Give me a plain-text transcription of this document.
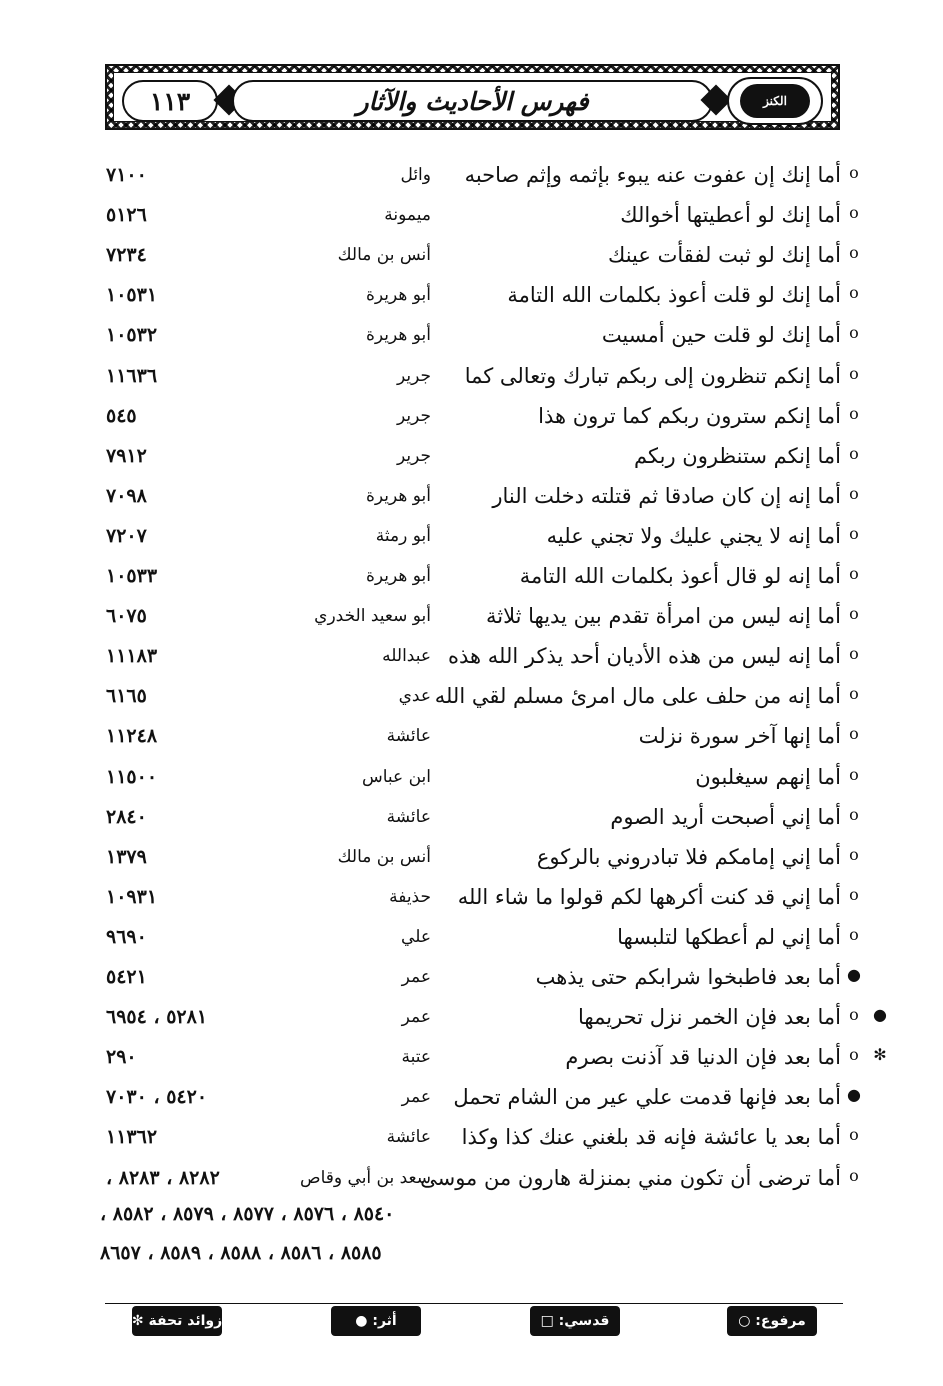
١١٣	فهرس الأحاديث والآثار	الكنز
o
أما إنك إن عفوت عنه يبوء بإثمه وإثم صاحبه
وائل
٧١٠٠
o
أما إنك لو أعطيتها أخوالك
ميمونة
٥١٢٦
o
أما إنك لو ثبت لفقأت عينك
أنس بن مالك
٧٢٣٤
o
أما إنك لو قلت أعوذ بكلمات الله التامة
أبو هريرة
١٠٥٣١
o
أما إنك لو قلت حين أمسيت
أبو هريرة
١٠٥٣٢
o
أما إنكم تنظرون إلى ربكم تبارك وتعالى كما
جرير
١١٦٣٦
o
أما إنكم سترون ربكم كما ترون هذا
جرير
٥٤٥
o
أما إنكم ستنظرون ربكم
جرير
٧٩١٢
o
أما إنه إن كان صادقا ثم قتلته دخلت النار
أبو هريرة
٧٠٩٨
o
أما إنه لا يجني عليك ولا تجني عليه
أبو رمثة
٧٢٠٧
o
أما إنه لو قال أعوذ بكلمات الله التامة
أبو هريرة
١٠٥٣٣
o
أما إنه ليس من امرأة تقدم بين يديها ثلاثة
أبو سعيد الخدري
٦٠٧٥
o
أما إنه ليس من هذه الأديان أحد يذكر الله هذه
عبدالله
١١١٨٣
o
أما إنه من حلف على مال امرئ مسلم لقي الله
عدي
٦١٦٥
o
أما إنها آخر سورة نزلت
عائشة
١١٢٤٨
o
أما إنهم سيغلبون
ابن عباس
١١٥٠٠
o
أما إني أصبحت أريد الصوم
عائشة
٢٨٤٠
o
أما إني إمامكم فلا تبادروني بالركوع
أنس بن مالك
١٣٧٩
o
أما إني قد كنت أكرهها لكم قولوا ما شاء الله
حذيفة
١٠٩٣١
o
أما إني لم أعطكها لتلبسها
علي
٩٦٩٠
●
أما بعد فاطبخوا شرابكم حتى يذهب
عمر
٥٤٢١
o ●
أما بعد فإن الخمر نزل تحريمها
عمر
٥٢٨١ ، ٦٩٥٤
o ✻
أما بعد فإن الدنيا قد آذنت بصرم
عتبة
٢٩٠
●
أما بعد فإنها قدمت علي عير من الشام تحمل
عمر
٥٤٢٠ ، ٧٠٣٠
o
أما بعد يا عائشة فإنه قد بلغني عنك كذا وكذا
عائشة
١١٣٦٢
o
أما ترضى أن تكون مني بمنزلة هارون من موسى
سعد بن أبي وقاص
٨٢٨٢ ، ٨٢٨٣ ،
٨٥٤٠ ، ٨٥٧٦ ، ٨٥٧٧ ، ٨٥٧٩ ، ٨٥٨٢ ،
٨٥٨٥ ، ٨٥٨٦ ، ٨٥٨٨ ، ٨٥٨٩ ، ٨٦٥٧
مرفوع: ○
قدسي: □
أثر: ●
زوائد تحفة ✻
